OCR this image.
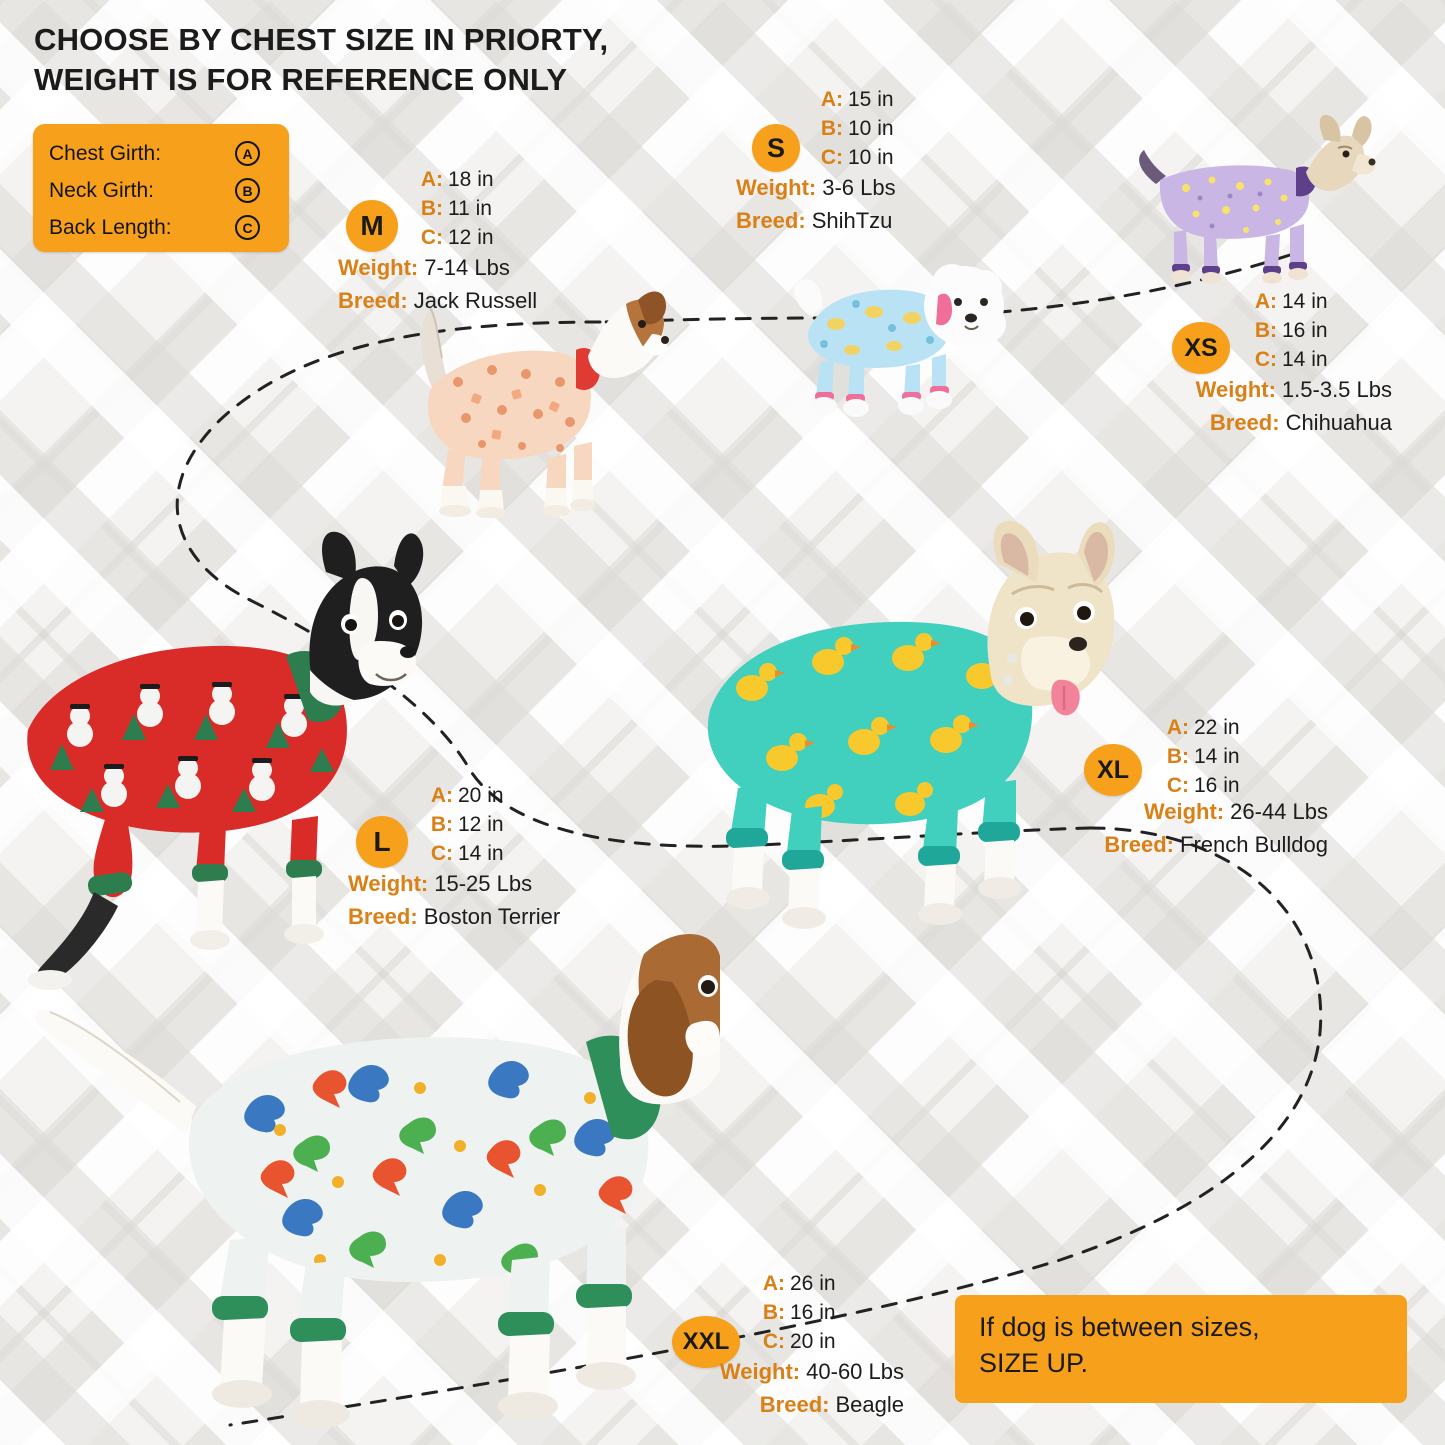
CHOOSE BY CHEST SIZE IN PRIORTY,
WEIGHT IS FOR REFERENCE ONLY
Chest Girth:	A
Neck Girth:	B
Back Length:	C
S
A : 15 in
B : 10 in
C : 10 in
Weight: 3-6 Lbs
Breed: ShihTzu
M
A : 18 in
B : 11 in
C : 12 in
Weight: 7-14 Lbs
Breed: Jack Russell
XS
A : 14 in
B : 16 in
C : 14 in
Weight: 1.5-3.5 Lbs
Breed: Chihuahua
L
A : 20 in
B : 12 in
C : 14 in
Weight: 15-25 Lbs
Breed: Boston Terrier
XL
A : 22 in
B : 14 in
C : 16 in
Weight: 26-44 Lbs
Breed: French Bulldog
XXL
A : 26 in
B : 16 in
C : 20 in
Weight: 40-60 Lbs
Breed: Beagle
If dog is between sizes,
SIZE UP.
